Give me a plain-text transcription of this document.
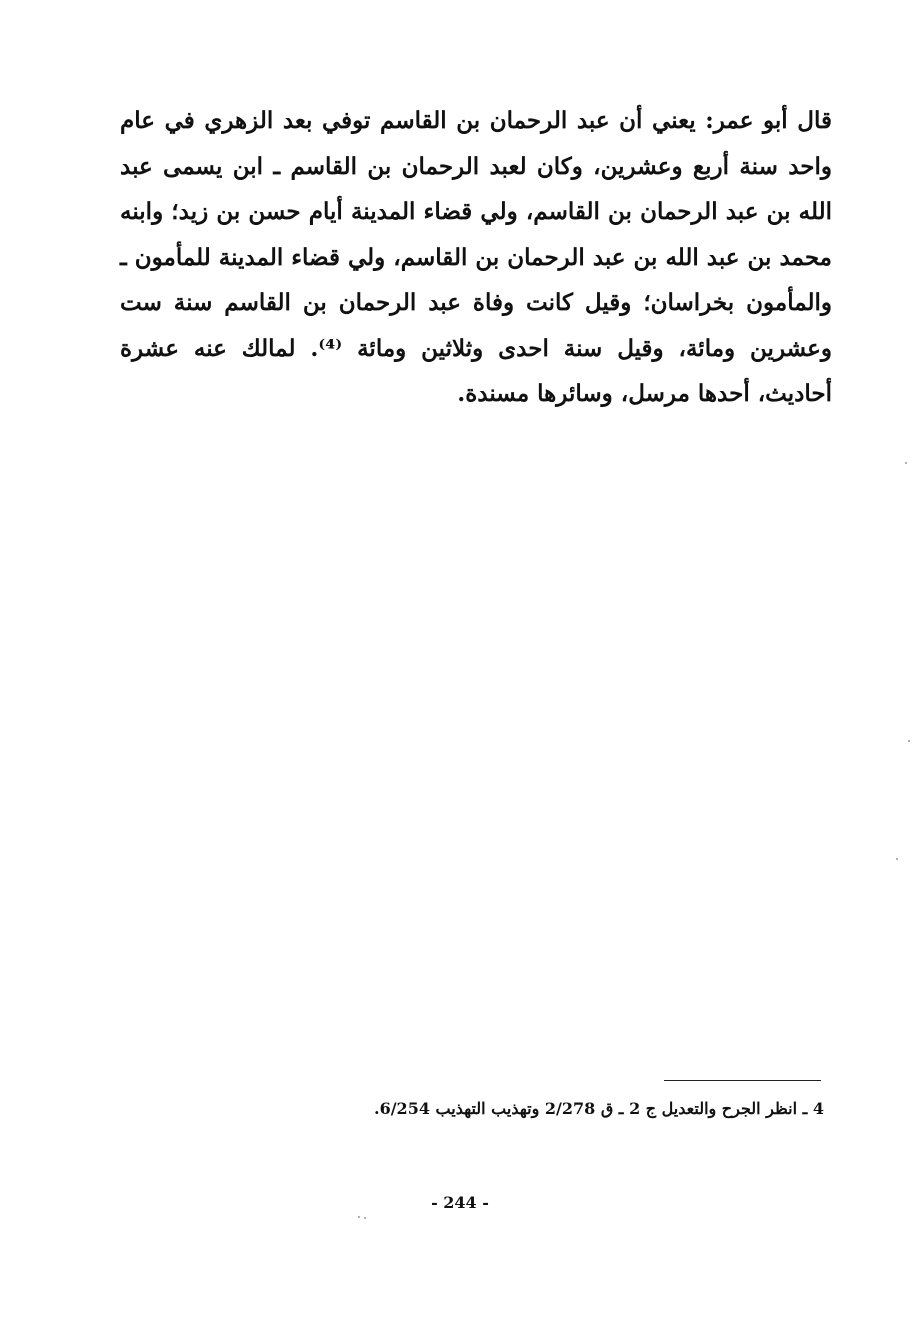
قال أبو عمر: يعني أن عبد الرحمان بن القاسم توفي بعد الزهري في عام
واحد سنة أربع وعشرين، وكان لعبد الرحمان بن القاسم ـ ابن يسمى عبد
الله بن عبد الرحمان بن القاسم، ولي قضاء المدينة أيام حسن بن زيد؛ وابنه
محمد بن عبد الله بن عبد الرحمان بن القاسم، ولي قضاء المدينة للمأمون ـ
والمأمون بخراسان؛ وقيل كانت وفاة عبد الرحمان بن القاسم سنة ست
وعشرين ومائة، وقيل سنة احدى وثلاثين ومائة ⁽⁴⁾. لمالك عنه عشرة
أحاديث، أحدها مرسل، وسائرها مسندة.
4 ـ انظر الجرح والتعديل ج 2 ـ ق 2/278 وتهذيب التهذيب 6/254.
- 244 -
